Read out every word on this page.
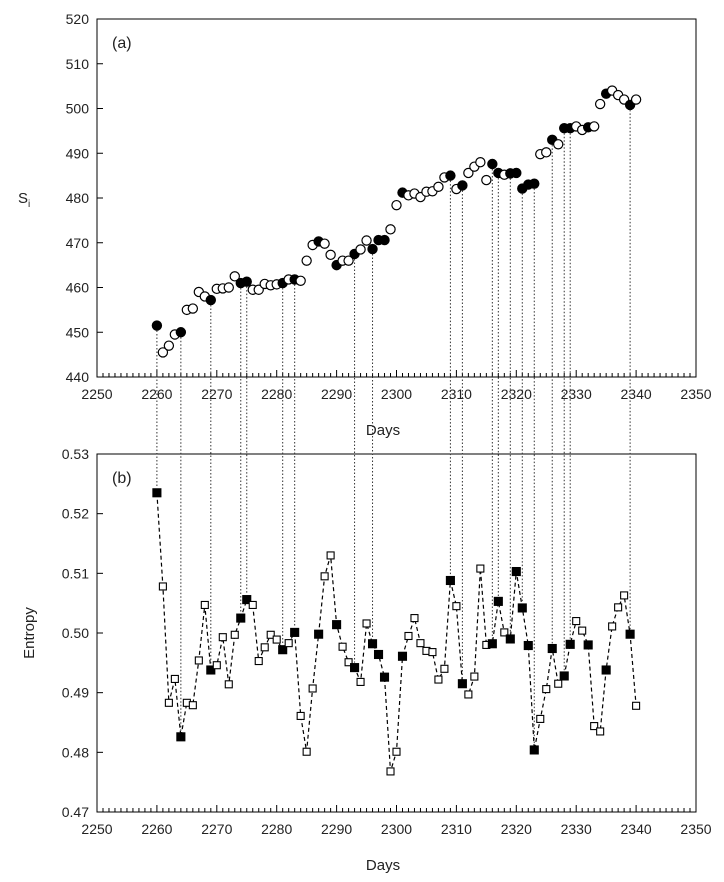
(a)
$S_i$
Days
2250 2260 2270 2280 2290 2300 2310 2320 2330 2340 2350
440
450
460
470
480
490
500
510
520
(b)
Entropy
Days
2250 2260 2270 2280 2290 2300 2310 2320 2330 2340 2350
0.47
0.48
0.49
0.50
0.51
0.52
0.53
